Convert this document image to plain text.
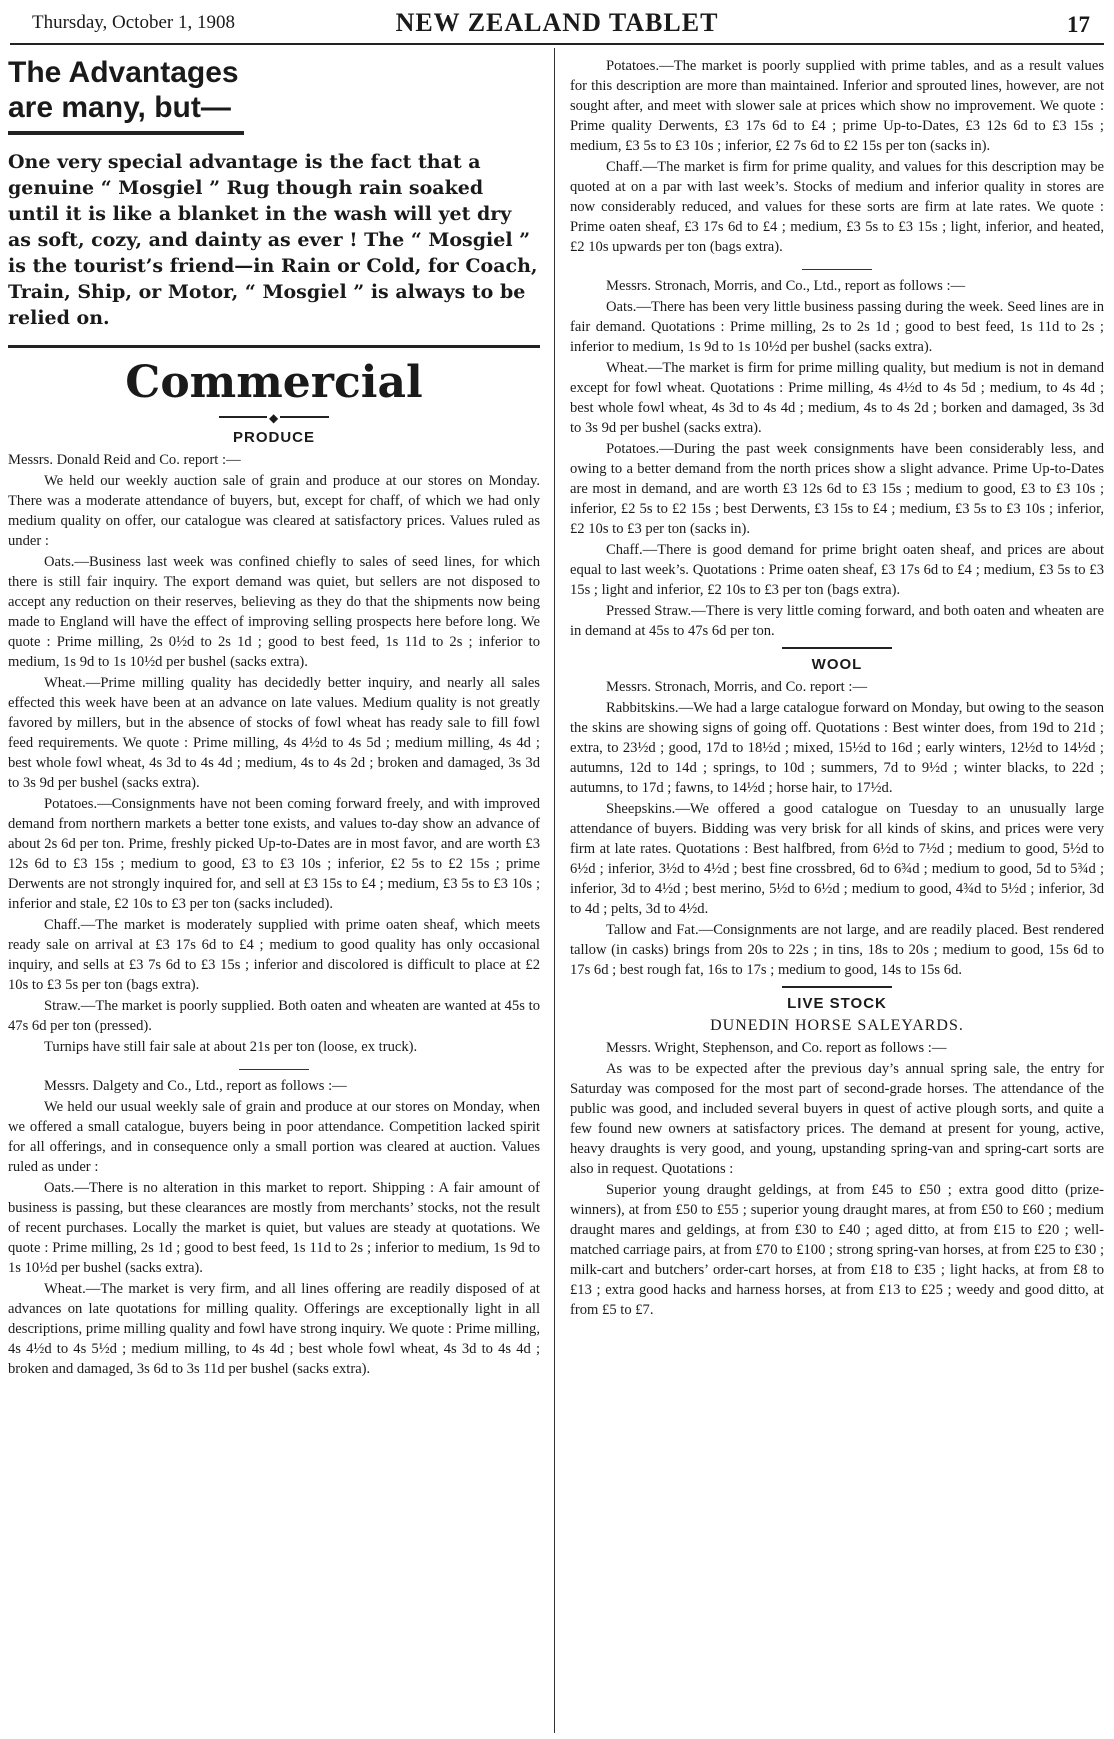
Thursday, October 1, 1908	NEW ZEALAND TABLET	17

The Advantages

are many, but—

One very special advantage is the fact that a genuine “ Mosgiel ” Rug though rain soaked until it is like a blanket in the wash will yet dry as soft, cozy, and dainty as ever ! The “ Mosgiel ” is the tourist’s friend—in Rain or Cold, for Coach, Train, Ship, or Motor, “ Mosgiel ” is always to be relied on.

Commercial
◆
PRODUCE

Messrs. Donald Reid and Co. report :—

We held our weekly auction sale of grain and produce at our stores on Monday. There was a moderate attendance of buyers, but, except for chaff, of which we had only medium quality on offer, our catalogue was cleared at satisfactory prices. Values ruled as under :

Oats.—Business last week was confined chiefly to sales of seed lines, for which there is still fair inquiry. The export demand was quiet, but sellers are not disposed to accept any reduction on their reserves, believing as they do that the shipments now being made to England will have the effect of improving selling prospects here before long. We quote : Prime milling, 2s 0½d to 2s 1d ; good to best feed, 1s 11d to 2s ; inferior to medium, 1s 9d to 1s 10½d per bushel (sacks extra).

Wheat.—Prime milling quality has decidedly better inquiry, and nearly all sales effected this week have been at an advance on late values. Medium quality is not greatly favored by millers, but in the absence of stocks of fowl wheat has ready sale to fill fowl feed requirements. We quote : Prime milling, 4s 4½d to 4s 5d ; medium milling, 4s 4d ; best whole fowl wheat, 4s 3d to 4s 4d ; medium, 4s to 4s 2d ; broken and damaged, 3s 3d to 3s 9d per bushel (sacks extra).

Potatoes.—Consignments have not been coming forward freely, and with improved demand from northern markets a better tone exists, and values to-day show an advance of about 2s 6d per ton. Prime, freshly picked Up-to-Dates are in most favor, and are worth £3 12s 6d to £3 15s ; medium to good, £3 to £3 10s ; inferior, £2 5s to £2 15s ; prime Derwents are not strongly inquired for, and sell at £3 15s to £4 ; medium, £3 5s to £3 10s ; inferior and stale, £2 10s to £3 per ton (sacks included).

Chaff.—The market is moderately supplied with prime oaten sheaf, which meets ready sale on arrival at £3 17s 6d to £4 ; medium to good quality has only occasional inquiry, and sells at £3 7s 6d to £3 15s ; inferior and discolored is difficult to place at £2 10s to £3 5s per ton (bags extra).

Straw.—The market is poorly supplied. Both oaten and wheaten are wanted at 45s to 47s 6d per ton (pressed).

Turnips have still fair sale at about 21s per ton (loose, ex truck).

Messrs. Dalgety and Co., Ltd., report as follows :—

We held our usual weekly sale of grain and produce at our stores on Monday, when we offered a small catalogue, buyers being in poor attendance. Competition lacked spirit for all offerings, and in consequence only a small portion was cleared at auction. Values ruled as under :

Oats.—There is no alteration in this market to report. Shipping : A fair amount of business is passing, but these clearances are mostly from merchants’ stocks, not the result of recent purchases. Locally the market is quiet, but values are steady at quotations. We quote : Prime milling, 2s 1d ; good to best feed, 1s 11d to 2s ; inferior to medium, 1s 9d to 1s 10½d per bushel (sacks extra).

Wheat.—The market is very firm, and all lines offering are readily disposed of at advances on late quotations for milling quality. Offerings are exceptionally light in all descriptions, prime milling quality and fowl have strong inquiry. We quote : Prime milling, 4s 4½d to 4s 5½d ; medium milling, to 4s 4d ; best whole fowl wheat, 4s 3d to 4s 4d ; broken and damaged, 3s 6d to 3s 11d per bushel (sacks extra).

Potatoes.—The market is poorly supplied with prime tables, and as a result values for this description are more than maintained. Inferior and sprouted lines, however, are not sought after, and meet with slower sale at prices which show no improvement. We quote : Prime quality Derwents, £3 17s 6d to £4 ; prime Up-to-Dates, £3 12s 6d to £3 15s ; medium, £3 5s to £3 10s ; inferior, £2 7s 6d to £2 15s per ton (sacks in).

Chaff.—The market is firm for prime quality, and values for this description may be quoted at on a par with last week’s. Stocks of medium and inferior quality in stores are now considerably reduced, and values for these sorts are firm at late rates. We quote : Prime oaten sheaf, £3 17s 6d to £4 ; medium, £3 5s to £3 15s ; light, inferior, and heated, £2 10s upwards per ton (bags extra).

Messrs. Stronach, Morris, and Co., Ltd., report as follows :—

Oats.—There has been very little business passing during the week. Seed lines are in fair demand. Quotations : Prime milling, 2s to 2s 1d ; good to best feed, 1s 11d to 2s ; inferior to medium, 1s 9d to 1s 10½d per bushel (sacks extra).

Wheat.—The market is firm for prime milling quality, but medium is not in demand except for fowl wheat. Quotations : Prime milling, 4s 4½d to 4s 5d ; medium, to 4s 4d ; best whole fowl wheat, 4s 3d to 4s 4d ; medium, 4s to 4s 2d ; borken and damaged, 3s 3d to 3s 9d per bushel (sacks extra).

Potatoes.—During the past week consignments have been considerably less, and owing to a better demand from the north prices show a slight advance. Prime Up-to-Dates are most in demand, and are worth £3 12s 6d to £3 15s ; medium to good, £3 to £3 10s ; inferior, £2 5s to £2 15s ; best Derwents, £3 15s to £4 ; medium, £3 5s to £3 10s ; inferior, £2 10s to £3 per ton (sacks in).

Chaff.—There is good demand for prime bright oaten sheaf, and prices are about equal to last week’s. Quotations : Prime oaten sheaf, £3 17s 6d to £4 ; medium, £3 5s to £3 15s ; light and inferior, £2 10s to £3 per ton (bags extra).

Pressed Straw.—There is very little coming forward, and both oaten and wheaten are in demand at 45s to 47s 6d per ton.

WOOL

Messrs. Stronach, Morris, and Co. report :—

Rabbitskins.—We had a large catalogue forward on Monday, but owing to the season the skins are showing signs of going off. Quotations : Best winter does, from 19d to 21d ; extra, to 23½d ; good, 17d to 18½d ; mixed, 15½d to 16d ; early winters, 12½d to 14½d ; autumns, 12d to 14d ; springs, to 10d ; summers, 7d to 9½d ; winter blacks, to 22d ; autumns, to 17d ; fawns, to 14½d ; horse hair, to 17½d.

Sheepskins.—We offered a good catalogue on Tuesday to an unusually large attendance of buyers. Bidding was very brisk for all kinds of skins, and prices were very firm at late rates. Quotations : Best halfbred, from 6½d to 7½d ; medium to good, 5½d to 6½d ; inferior, 3½d to 4½d ; best fine crossbred, 6d to 6¾d ; medium to good, 5d to 5¾d ; inferior, 3d to 4½d ; best merino, 5½d to 6½d ; medium to good, 4¾d to 5½d ; inferior, 3d to 4d ; pelts, 3d to 4½d.

Tallow and Fat.—Consignments are not large, and are readily placed. Best rendered tallow (in casks) brings from 20s to 22s ; in tins, 18s to 20s ; medium to good, 15s 6d to 17s 6d ; best rough fat, 16s to 17s ; medium to good, 14s to 15s 6d.

LIVE STOCK
DUNEDIN HORSE SALEYARDS.

Messrs. Wright, Stephenson, and Co. report as follows :—

As was to be expected after the previous day’s annual spring sale, the entry for Saturday was composed for the most part of second-grade horses. The attendance of the public was good, and included several buyers in quest of active plough sorts, and quite a few found new owners at satisfactory prices. The demand at present for young, active, heavy draughts is very good, and young, upstanding spring-van and spring-cart sorts are also in request. Quotations :

Superior young draught geldings, at from £45 to £50 ; extra good ditto (prize-winners), at from £50 to £55 ; superior young draught mares, at from £50 to £60 ; medium draught mares and geldings, at from £30 to £40 ; aged ditto, at from £15 to £20 ; well-matched carriage pairs, at from £70 to £100 ; strong spring-van horses, at from £25 to £30 ; milk-cart and butchers’ order-cart horses, at from £18 to £35 ; light hacks, at from £8 to £13 ; extra good hacks and harness horses, at from £13 to £25 ; weedy and good ditto, at from £5 to £7.
